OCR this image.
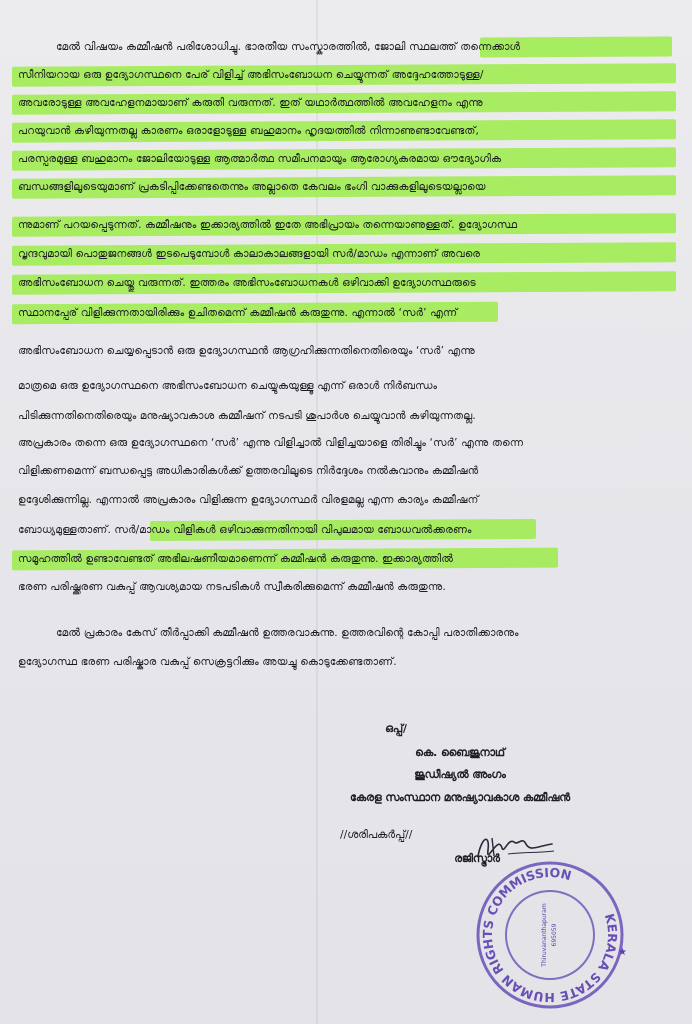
മേൽ വിഷയം കമ്മീഷൻ പരിശോധിച്ചു. ഭാരതീയ സംസ്കാരത്തിൽ, ജോലി സ്ഥലത്ത് തന്നെക്കാൾ
സീനിയറായ ഒരു ഉദ്യോഗസ്ഥനെ പേര് വിളിച്ച് അഭിസംബോധന ചെയ്യുന്നത് അദ്ദേഹത്തോടുള്ള/
അവരോടുള്ള അവഹേളനമായാണ് കരുതി വരുന്നത്. ഇത് യഥാർത്ഥത്തിൽ അവഹേളനം എന്നു
പറയുവാൻ കഴിയുന്നതല്ല കാരണം ഒരാളോടുള്ള ബഹുമാനം ഹൃദയത്തിൽ നിന്നാണുണ്ടാവേണ്ടത്,
പരസ്പരമുള്ള ബഹുമാനം ജോലിയോടുള്ള ആത്മാർത്ഥ സമീപനമായും ആരോഗ്യകരമായ ഔദ്യോഗിക
ബന്ധങ്ങളിലൂടെയുമാണ് പ്രകടിപ്പിക്കേണ്ടതെന്നും അല്ലാതെ കേവലം ഭംഗി വാക്കുകളിലൂടെയല്ലായെ
ന്നുമാണ് പറയപ്പെടുന്നത്. കമ്മീഷനും ഇക്കാര്യത്തിൽ ഇതേ അഭിപ്രായം തന്നെയാണുള്ളത്. ഉദ്യോഗസ്ഥ
വൃന്ദവുമായി പൊതുജനങ്ങൾ ഇടപെടുമ്പോൾ കാലാകാലങ്ങളായി സർ/മാഡം എന്നാണ് അവരെ
അഭിസംബോധന ചെയ്തു വരുന്നത്. ഇത്തരം അഭിസംബോധനകൾ ഒഴിവാക്കി ഉദ്യോഗസ്ഥരുടെ
സ്ഥാനപ്പേര് വിളിക്കുന്നതായിരിക്കും ഉചിതമെന്ന് കമ്മീഷൻ കരുതുന്നു. എന്നാൽ ‘സർ’ എന്ന്
അഭിസംബോധന ചെയ്യപ്പെടാൻ ഒരു ഉദ്യോഗസ്ഥൻ ആഗ്രഹിക്കുന്നതിനെതിരെയും ‘സർ’ എന്നു
മാത്രമെ ഒരു ഉദ്യോഗസ്ഥനെ അഭിസംബോധന ചെയ്യുകയുള്ളൂ എന്ന് ഒരാൾ നിർബന്ധം
പിടിക്കുന്നതിനെതിരെയും മനുഷ്യാവകാശ കമ്മീഷന് നടപടി ശുപാർശ ചെയ്യുവാൻ കഴിയുന്നതല്ല.
അപ്രകാരം തന്നെ ഒരു ഉദ്യോഗസ്ഥനെ ‘സർ’ എന്നു വിളിച്ചാൽ വിളിച്ചയാളെ തിരിച്ചും ‘സർ’ എന്നു തന്നെ
വിളിക്കണമെന്ന് ബന്ധപ്പെട്ട അധികാരികൾക്ക് ഉത്തരവിലൂടെ നിർദ്ദേശം നൽകുവാനും കമ്മീഷൻ
ഉദ്ദേശിക്കുന്നില്ല. എന്നാൽ അപ്രകാരം വിളിക്കുന്ന ഉദ്യോഗസ്ഥർ വിരളമല്ല എന്ന കാര്യം കമ്മീഷന്
ബോധ്യമുള്ളതാണ്. സർ/മാഡം വിളികൾ ഒഴിവാക്കുന്നതിനായി വിപുലമായ ബോധവൽക്കരണം
സമൂഹത്തിൽ ഉണ്ടാവേണ്ടത് അഭിലഷണീയമാണെന്ന് കമ്മീഷൻ കരുതുന്നു. ഇക്കാര്യത്തിൽ
ഭരണ പരിഷ്ക്കരണ വകുപ്പ് ആവശ്യമായ നടപടികൾ സ്വീകരിക്കുമെന്ന് കമ്മീഷൻ കരുതുന്നു.
മേൽ പ്രകാരം കേസ് തീർപ്പാക്കി കമ്മീഷൻ ഉത്തരവാകുന്നു. ഉത്തരവിന്റെ കോപ്പി പരാതിക്കാരനും
ഉദ്യോഗസ്ഥ ഭരണ പരിഷ്കാര വകുപ്പ് സെക്രട്ടറിക്കും അയച്ചു കൊടുക്കേണ്ടതാണ്.
ഒപ്പ്/
കെ. ബൈജുനാഥ്
ജുഡീഷ്യൽ അംഗം
കേരള സംസ്ഥാന മനുഷ്യാവകാശ കമ്മീഷൻ
//ശരിപകർപ്പ്//
രജിസ്ട്രാർ
KERALA STATE HUMAN RIGHTS COMMISSION
Thiruvananthapuram 695059
★
